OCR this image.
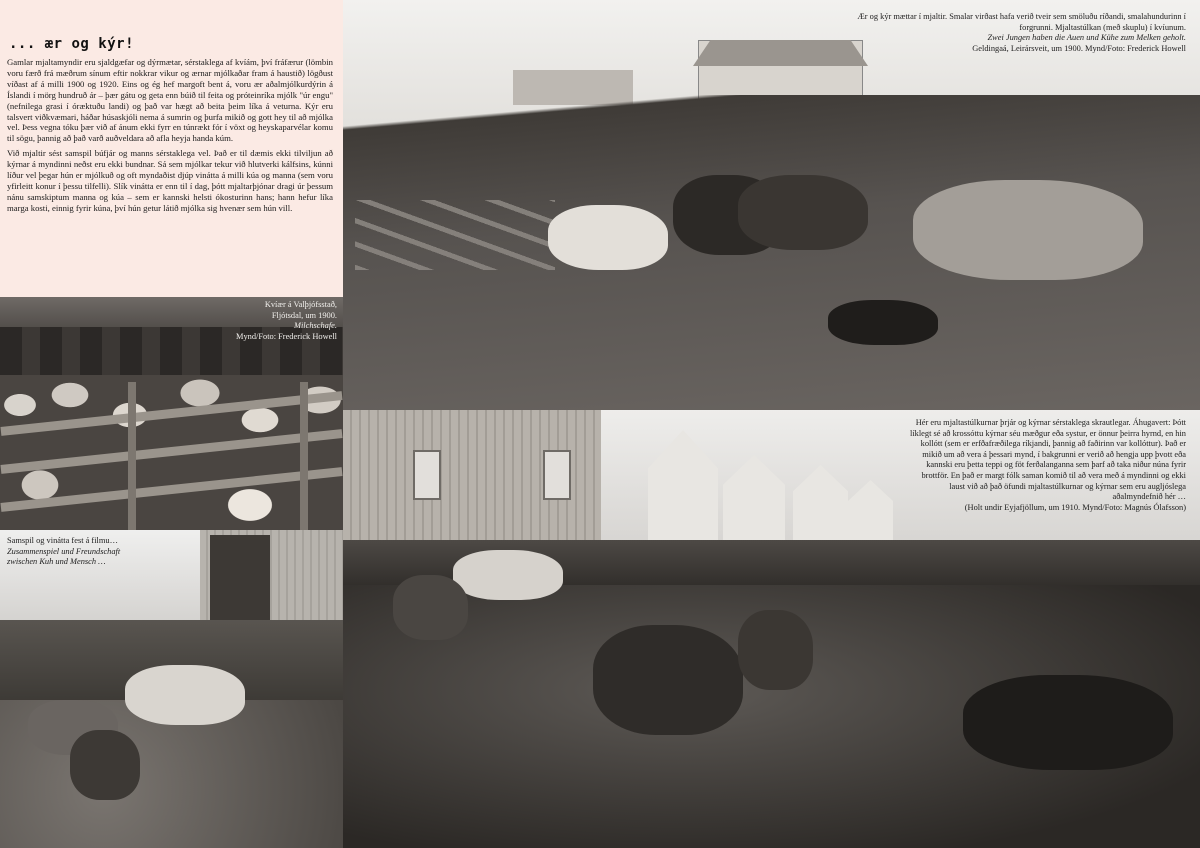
... ær og kýr!

Gamlar mjaltamyndir eru sjaldgæfar og dýrmætar, sérstaklega af kvíám, því fráfærur (lömbin voru færð frá mæðrum sínum eftir nokkrar vikur og ærnar mjólkaðar fram á haustið) lögðust víðast af á milli 1900 og 1920. Eins og ég hef margoft bent á, voru ær aðalmjólkurdýrin á Íslandi í mörg hundruð ár – þær gátu og geta enn búið til feita og próteinríka mjólk "úr engu" (nefnilega grasi í óræktuðu landi) og það var hægt að beita þeim líka á veturna. Kýr eru talsvert viðkvæmari, háðar húsaskjóli nema á sumrin og þurfa mikið og gott hey til að mjólka vel. Þess vegna tóku þær við af ánum ekki fyrr en túnrækt fór í vöxt og heyskaparvélar komu til sögu, þannig að það varð auðveldara að afla heyja handa kúm.

Við mjaltir sést samspil búfjár og manns sérstaklega vel. Það er til dæmis ekki tilviljun að kýrnar á myndinni neðst eru ekki bundnar. Sá sem mjólkar tekur við hlutverki kálfsins, kúnni líður vel þegar hún er mjólkuð og oft myndaðist djúp vinátta á milli kúa og manna (sem voru yfirleitt konur í þessu tilfelli). Slík vinátta er enn til í dag, þótt mjaltarþjónar dragi úr þessum nánu samskiptum manna og kúa – sem er kannski helsti ókosturinn hans; hann hefur líka marga kosti, einnig fyrir kúna, því hún getur látið mjólka sig hvenær sem hún vill.

Kvíær á Valþjófsstað,
Fljótsdal, um 1900.
Milchschafe.
Mynd/Foto: Frederick Howell
Samspil og vinátta fest á filmu…
Zusammenspiel und Freundschaft
zwischen Kuh und Mensch …
Ær og kýr mættar í mjaltir. Smalar virðast hafa verið tveir sem smöluðu ríðandi, smalahundurinn í forgrunni. Mjaltastúlkan (með skuplu) í kvíunum.
Zwei Jungen haben die Auen und Kühe zum Melken geholt.
Geldingaá, Leirársveit, um 1900. Mynd/Foto: Frederick Howell
Hér eru mjaltastúlkurnar þrjár og kýrnar sérstaklega skrautlegar. Áhugavert: Þótt líklegt sé að krossóttu kýrnar séu mæðgur eða systur, er önnur þeirra hyrnd, en hin kollótt (sem er erfðafræðilega ríkjandi, þannig að faðirinn var kollóttur). Það er mikið um að vera á þessari mynd, í bakgrunni er verið að hengja upp þvott eða kannski eru þetta teppi og föt ferðalanganna sem þarf að taka niður núna fyrir brottför. En það er margt fólk saman komið til að vera með á myndinni og ekki laust við að það öfundi mjaltastúlkurnar og kýrnar sem eru augljóslega aðalmyndefnið hér …
(Holt undir Eyjafjöllum, um 1910. Mynd/Foto: Magnús Ólafsson)
